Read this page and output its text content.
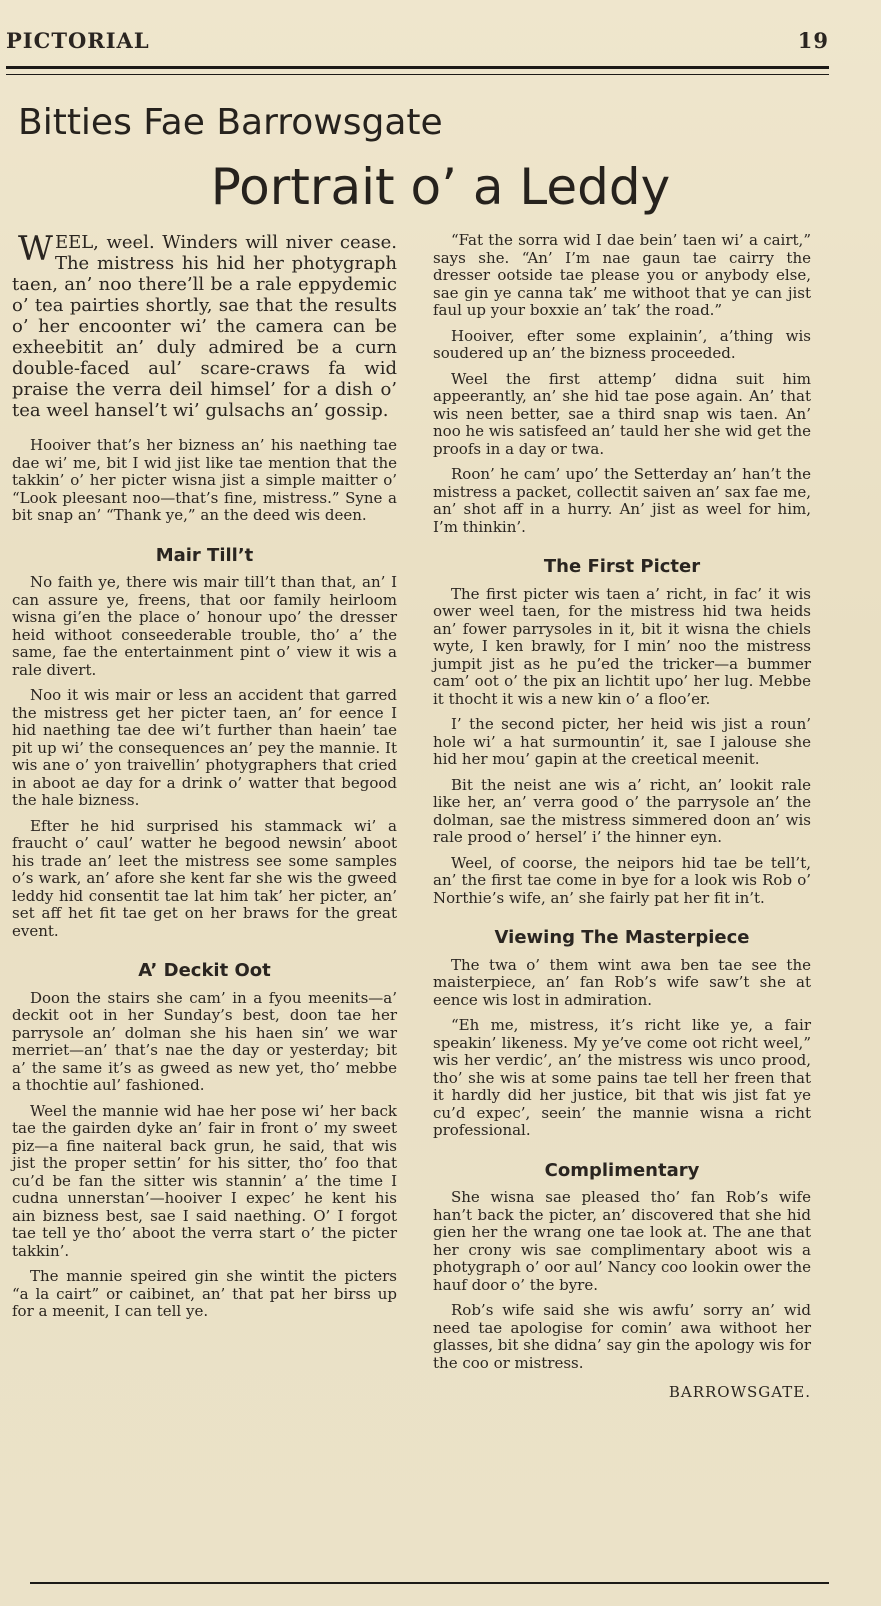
PICTORIAL	19
Bitties Fae Barrowsgate
Portrait o’ a Leddy

WEEL, weel. Winders will niver cease. The mistress his hid her photygraph taen, an’ noo there’ll be a rale eppydemic o’ tea pairties shortly, sae that the results o’ her encoonter wi’ the camera can be exheebitit an’ duly admired be a curn double-faced aul’ scare-craws fa wid praise the verra deil himsel’ for a dish o’ tea weel hansel’t wi’ gulsachs an’ gossip.

Hooiver that’s her bizness an’ his naething tae dae wi’ me, bit I wid jist like tae mention that the takkin’ o’ her picter wisna jist a simple maitter o’ “Look pleesant noo—that’s fine, mistress.” Syne a bit snap an’ “Thank ye,” an the deed wis deen.

Mair Till’t

No faith ye, there wis mair till’t than that, an’ I can assure ye, freens, that oor family heirloom wisna gi’en the place o’ honour upo’ the dresser heid withoot conseederable trouble, tho’ a’ the same, fae the entertainment pint o’ view it wis a rale divert.

Noo it wis mair or less an accident that garred the mistress get her picter taen, an’ for eence I hid naething tae dee wi’t further than haein’ tae pit up wi’ the consequences an’ pey the mannie. It wis ane o’ yon traivellin’ photygraphers that cried in aboot ae day for a drink o’ watter that begood the hale bizness.

Efter he hid surprised his stammack wi’ a fraucht o’ caul’ watter he begood newsin’ aboot his trade an’ leet the mistress see some samples o’s wark, an’ afore she kent far she wis the gweed leddy hid consentit tae lat him tak’ her picter, an’ set aff het fit tae get on her braws for the great event.

A’ Deckit Oot

Doon the stairs she cam’ in a fyou meenits—a’ deckit oot in her Sunday’s best, doon tae her parrysole an’ dolman she his haen sin’ we war merriet—an’ that’s nae the day or yesterday; bit a’ the same it’s as gweed as new yet, tho’ mebbe a thochtie aul’ fashioned.

Weel the mannie wid hae her pose wi’ her back tae the gairden dyke an’ fair in front o’ my sweet piz—a fine naiteral back grun, he said, that wis jist the proper settin’ for his sitter, tho’ foo that cu’d be fan the sitter wis stannin’ a’ the time I cudna unnerstan’—hooiver I expec’ he kent his ain bizness best, sae I said naething. O’ I forgot tae tell ye tho’ aboot the verra start o’ the picter takkin’.

The mannie speired gin she wintit the picters “a la cairt” or caibinet, an’ that pat her birss up for a meenit, I can tell ye.

“Fat the sorra wid I dae bein’ taen wi’ a cairt,” says she. “An’ I’m nae gaun tae cairry the dresser ootside tae please you or anybody else, sae gin ye canna tak’ me withoot that ye can jist faul up your boxxie an’ tak’ the road.”

Hooiver, efter some explainin’, a’thing wis soudered up an’ the bizness proceeded.

Weel the first attemp’ didna suit him appeerantly, an’ she hid tae pose again. An’ that wis neen better, sae a third snap wis taen. An’ noo he wis satisfeed an’ tauld her she wid get the proofs in a day or twa.

Roon’ he cam’ upo’ the Setterday an’ han’t the mistress a packet, collectit saiven an’ sax fae me, an’ shot aff in a hurry. An’ jist as weel for him, I’m thinkin’.

The First Picter

The first picter wis taen a’ richt, in fac’ it wis ower weel taen, for the mistress hid twa heids an’ fower parrysoles in it, bit it wisna the chiels wyte, I ken brawly, for I min’ noo the mistress jumpit jist as he pu’ed the tricker—a bummer cam’ oot o’ the pix an lichtit upo’ her lug. Mebbe it thocht it wis a new kin o’ a floo’er.

I’ the second picter, her heid wis jist a roun’ hole wi’ a hat surmountin’ it, sae I jalouse she hid her mou’ gapin at the creetical meenit.

Bit the neist ane wis a’ richt, an’ lookit rale like her, an’ verra good o’ the parrysole an’ the dolman, sae the mistress simmered doon an’ wis rale prood o’ hersel’ i’ the hinner eyn.

Weel, of coorse, the neipors hid tae be tell’t, an’ the first tae come in bye for a look wis Rob o’ Northie’s wife, an’ she fairly pat her fit in’t.

Viewing The Masterpiece

The twa o’ them wint awa ben tae see the maisterpiece, an’ fan Rob’s wife saw’t she at eence wis lost in admiration.

“Eh me, mistress, it’s richt like ye, a fair speakin’ likeness. My ye’ve come oot richt weel,” wis her verdic’, an’ the mistress wis unco prood, tho’ she wis at some pains tae tell her freen that it hardly did her justice, bit that wis jist fat ye cu’d expec’, seein’ the mannie wisna a richt professional.

Complimentary

She wisna sae pleased tho’ fan Rob’s wife han’t back the picter, an’ discovered that she hid gien her the wrang one tae look at. The ane that her crony wis sae complimentary aboot wis a photygraph o’ oor aul’ Nancy coo lookin ower the hauf door o’ the byre.

Rob’s wife said she wis awfu’ sorry an’ wid need tae apologise for comin’ awa withoot her glasses, bit she didna’ say gin the apology wis for the coo or mistress.

BARROWSGATE.
